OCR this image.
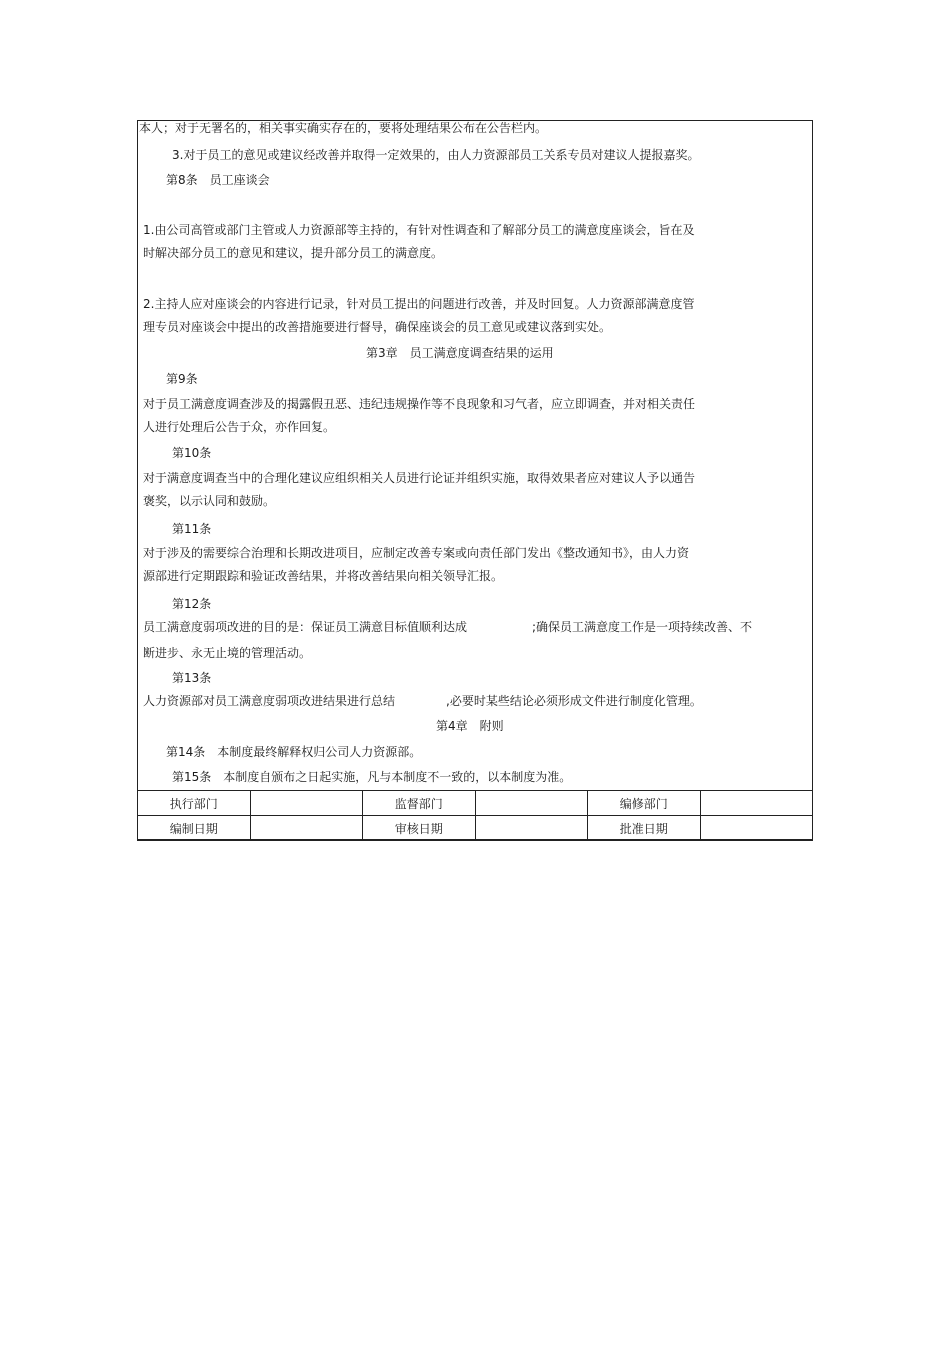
本人；对于无署名的，相关事实确实存在的，要将处理结果公布在公告栏内。
3.对于员工的意见或建议经改善并取得一定效果的，由人力资源部员工关系专员对建议人提报嘉奖。
第8条　员工座谈会
1.由公司高管或部门主管或人力资源部等主持的，有针对性调查和了解部分员工的满意度座谈会，旨在及
时解决部分员工的意见和建议，提升部分员工的满意度。
2.主持人应对座谈会的内容进行记录，针对员工提出的问题进行改善，并及时回复。人力资源部满意度管
理专员对座谈会中提出的改善措施要进行督导，确保座谈会的员工意见或建议落到实处。
第3章　员工满意度调查结果的运用
第9条
对于员工满意度调查涉及的揭露假丑恶、违纪违规操作等不良现象和习气者，应立即调查，并对相关责任
人进行处理后公告于众，亦作回复。
第10条
对于满意度调查当中的合理化建议应组织相关人员进行论证并组织实施，取得效果者应对建议人予以通告
褒奖，以示认同和鼓励。
第11条
对于涉及的需要综合治理和长期改进项目，应制定改善专案或向责任部门发出《整改通知书》，由人力资
源部进行定期跟踪和验证改善结果，并将改善结果向相关领导汇报。
第12条
员工满意度弱项改进的目的是：保证员工满意目标值顺利达成	;确保员工满意度工作是一项持续改善、不
断进步、永无止境的管理活动。
第13条
人力资源部对员工满意度弱项改进结果进行总结	,必要时某些结论必须形成文件进行制度化管理。
第4章　附则
第14条　本制度最终解释权归公司人力资源部。
第15条　本制度自颁布之日起实施，凡与本制度不一致的，以本制度为准。
执行部门		监督部门		编修部门	
编制日期		审核日期		批准日期	
